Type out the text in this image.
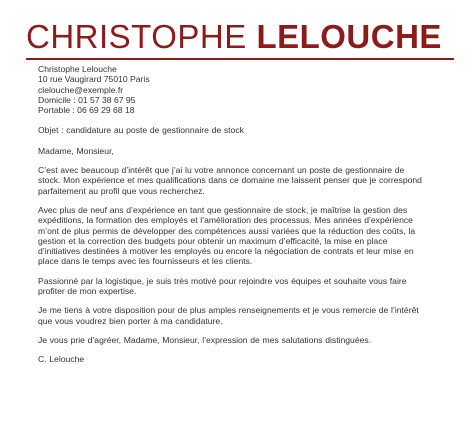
CHRISTOPHE LELOUCHE

Christophe Lelouche

10 rue Vaugirard 75010 Paris

clelouche@exemple.fr

Domicile : 01 57 38 67 95

Portable : 06 69 29 68 18

Objet : candidature au poste de gestionnaire de stock

Madame, Monsieur,

C’est avec beaucoup d’intérêt que j’ai lu votre annonce concernant un poste de gestionnaire de stock. Mon expérience et mes qualifications dans ce domaine me laissent penser que je correspond parfaitement au profil que vous recherchez.

Avec plus de neuf ans d’expérience en tant que gestionnaire de stock, je maîtrise la gestion des expéditions, la formation des employés et l’amélioration des processus. Mes années d’expérience m’ont de plus permis de développer des compétences aussi variées que la réduction des coûts, la gestion et la correction des budgets pour obtenir un maximum d’efficacité, la mise en place d’initiatives destinées à motiver les employés ou encore la négociation de contrats et leur mise en place dans le temps avec les fournisseurs et les clients.

Passionné par la logistique, je suis très motivé pour rejoindre vos équipes et souhaite vous faire profiter de mon expertise.

Je me tiens à votre disposition pour de plus amples renseignements et je vous remercie de l’intérêt que vous voudrez bien porter à ma candidature.

Je vous prie d’agréer, Madame, Monsieur, l’expression de mes salutations distinguées.

C. Lelouche
